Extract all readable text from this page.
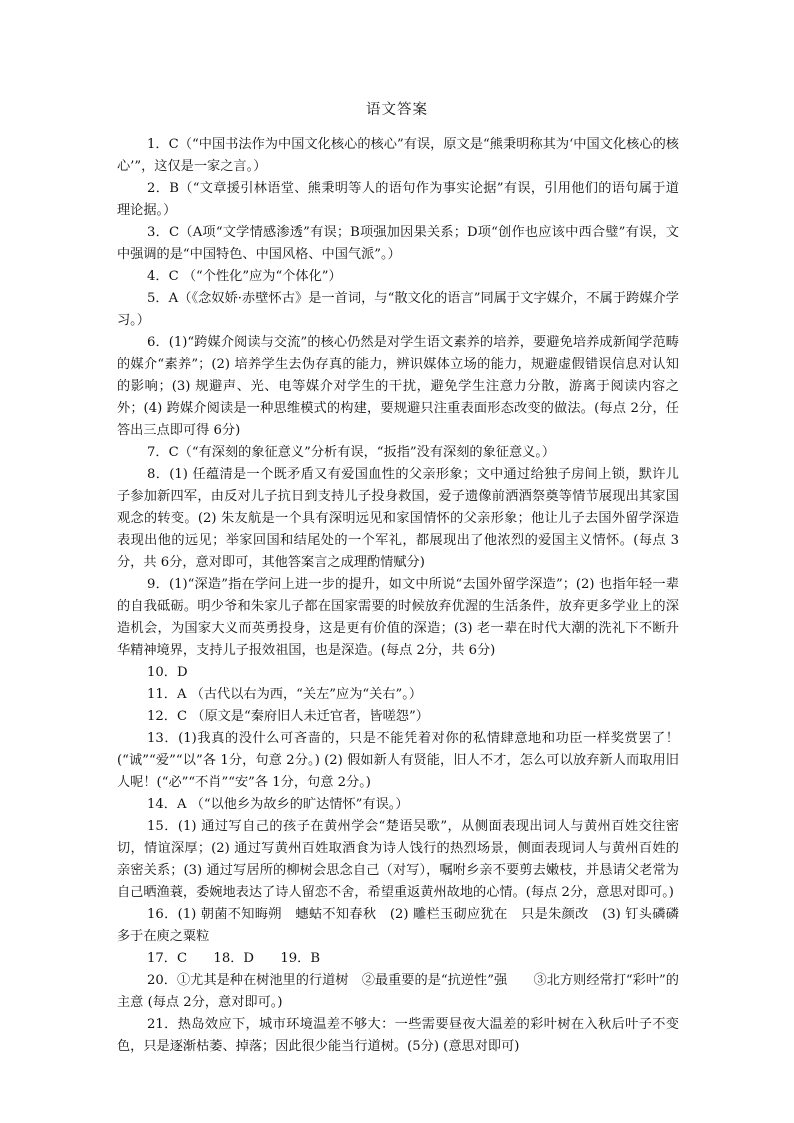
语文答案

1．C（“中国书法作为中国文化核心的核心”有误，原文是“熊秉明称其为‘中国文化核心的核心’”，这仅是一家之言。）

2．B（“文章援引林语堂、熊秉明等人的语句作为事实论据”有误，引用他们的语句属于道理论据。）

3．C（A项“文学情感渗透”有误；B项强加因果关系；D项“创作也应该中西合璧”有误，文中强调的是“中国特色、中国风格、中国气派”。）

4．C （“个性化”应为“个体化”）

5．A（《念奴娇·赤壁怀古》是一首词，与“散文化的语言”同属于文字媒介，不属于跨媒介学习。）

6．(1)“跨媒介阅读与交流”的核心仍然是对学生语文素养的培养，要避免培养成新闻学范畴的媒介“素养”；(2) 培养学生去伪存真的能力，辨识媒体立场的能力，规避虚假错误信息对认知的影响；(3) 规避声、光、电等媒介对学生的干扰，避免学生注意力分散，游离于阅读内容之外；(4) 跨媒介阅读是一种思维模式的构建，要规避只注重表面形态改变的做法。(每点 2分，任答出三点即可得 6分)

7．C（“有深刻的象征意义”分析有误，“扳指”没有深刻的象征意义。）

8．(1) 任蕴清是一个既矛盾又有爱国血性的父亲形象；文中通过给独子房间上锁，默许儿子参加新四军，由反对儿子抗日到支持儿子投身救国，爱子遗像前洒酒祭奠等情节展现出其家国观念的转变。(2) 朱友航是一个具有深明远见和家国情怀的父亲形象；他让儿子去国外留学深造表现出他的远见；举家回国和结尾处的一个军礼，都展现出了他浓烈的爱国主义情怀。(每点 3分，共 6分，意对即可，其他答案言之成理酌情赋分)

9．(1)“深造”指在学问上进一步的提升，如文中所说“去国外留学深造”；(2) 也指年轻一辈的自我砥砺。明少爷和朱家儿子都在国家需要的时候放弃优渥的生活条件，放弃更多学业上的深造机会，为国家大义而英勇投身，这是更有价值的深造；(3) 老一辈在时代大潮的洗礼下不断升华精神境界，支持儿子报效祖国，也是深造。(每点 2分，共 6分)

10．D

11．A （古代以右为西，“关左”应为“关右”。）

12．C （原文是“秦府旧人未迁官者，皆嗟怨”）

13．(1)我真的没什么可吝啬的，只是不能凭着对你的私情肆意地和功臣一样奖赏罢了！(“诚”“爱”“以”各 1分，句意 2分。) (2) 假如新人有贤能，旧人不才，怎么可以放弃新人而取用旧人呢！(“必”“不肖”“安”各 1分，句意 2分。)

14．A （“以他乡为故乡的旷达情怀”有误。）

15．(1) 通过写自己的孩子在黄州学会“楚语吴歌”，从侧面表现出词人与黄州百姓交往密切，情谊深厚；(2) 通过写黄州百姓取酒食为诗人饯行的热烈场景，侧面表现词人与黄州百姓的亲密关系；(3) 通过写居所的柳树会思念自己（对写），嘱咐乡亲不要剪去嫩枝，并恳请父老常为自己晒渔蓑，委婉地表达了诗人留恋不舍，希望重返黄州故地的心情。(每点 2分，意思对即可。)

16．(1) 朝菌不知晦朔　蟪蛄不知春秋　(2) 雕栏玉砌应犹在　只是朱颜改　(3) 钉头磷磷　多于在庾之粟粒

17．C　　18．D　　19．B

20．①尤其是种在树池里的行道树　②最重要的是“抗逆性”强　　③北方则经常打“彩叶”的主意 (每点 2分，意对即可。)

21．热岛效应下，城市环境温差不够大：一些需要昼夜大温差的彩叶树在入秋后叶子不变色，只是逐渐枯萎、掉落；因此很少能当行道树。(5分) (意思对即可)
